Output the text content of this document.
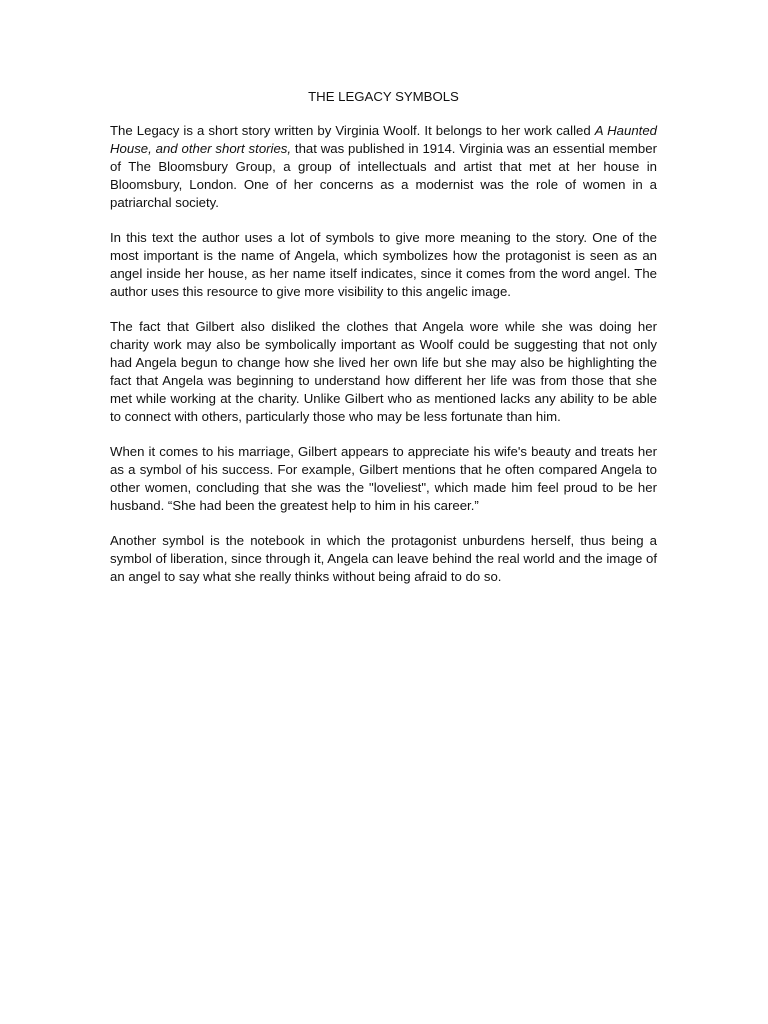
THE LEGACY SYMBOLS

The Legacy is a short story written by Virginia Woolf. It belongs to her work called A Haunted House, and other short stories, that was published in 1914. Virginia was an essential member of The Bloomsbury Group, a group of intellectuals and artist that met at her house in Bloomsbury, London. One of her concerns as a modernist was the role of women in a patriarchal society.

In this text the author uses a lot of symbols to give more meaning to the story. One of the most important is the name of Angela, which symbolizes how the protagonist is seen as an angel inside her house, as her name itself indicates, since it comes from the word angel. The author uses this resource to give more visibility to this angelic image.

The fact that Gilbert also disliked the clothes that Angela wore while she was doing her charity work may also be symbolically important as Woolf could be suggesting that not only had Angela begun to change how she lived her own life but she may also be highlighting the fact that Angela was beginning to understand how different her life was from those that she met while working at the charity. Unlike Gilbert who as mentioned lacks any ability to be able to connect with others, particularly those who may be less fortunate than him.

When it comes to his marriage, Gilbert appears to appreciate his wife's beauty and treats her as a symbol of his success. For example, Gilbert mentions that he often compared Angela to other women, concluding that she was the "loveliest", which made him feel proud to be her husband. “She had been the greatest help to him in his career.”

Another symbol is the notebook in which the protagonist unburdens herself, thus being a symbol of liberation, since through it, Angela can leave behind the real world and the image of an angel to say what she really thinks without being afraid to do so.
